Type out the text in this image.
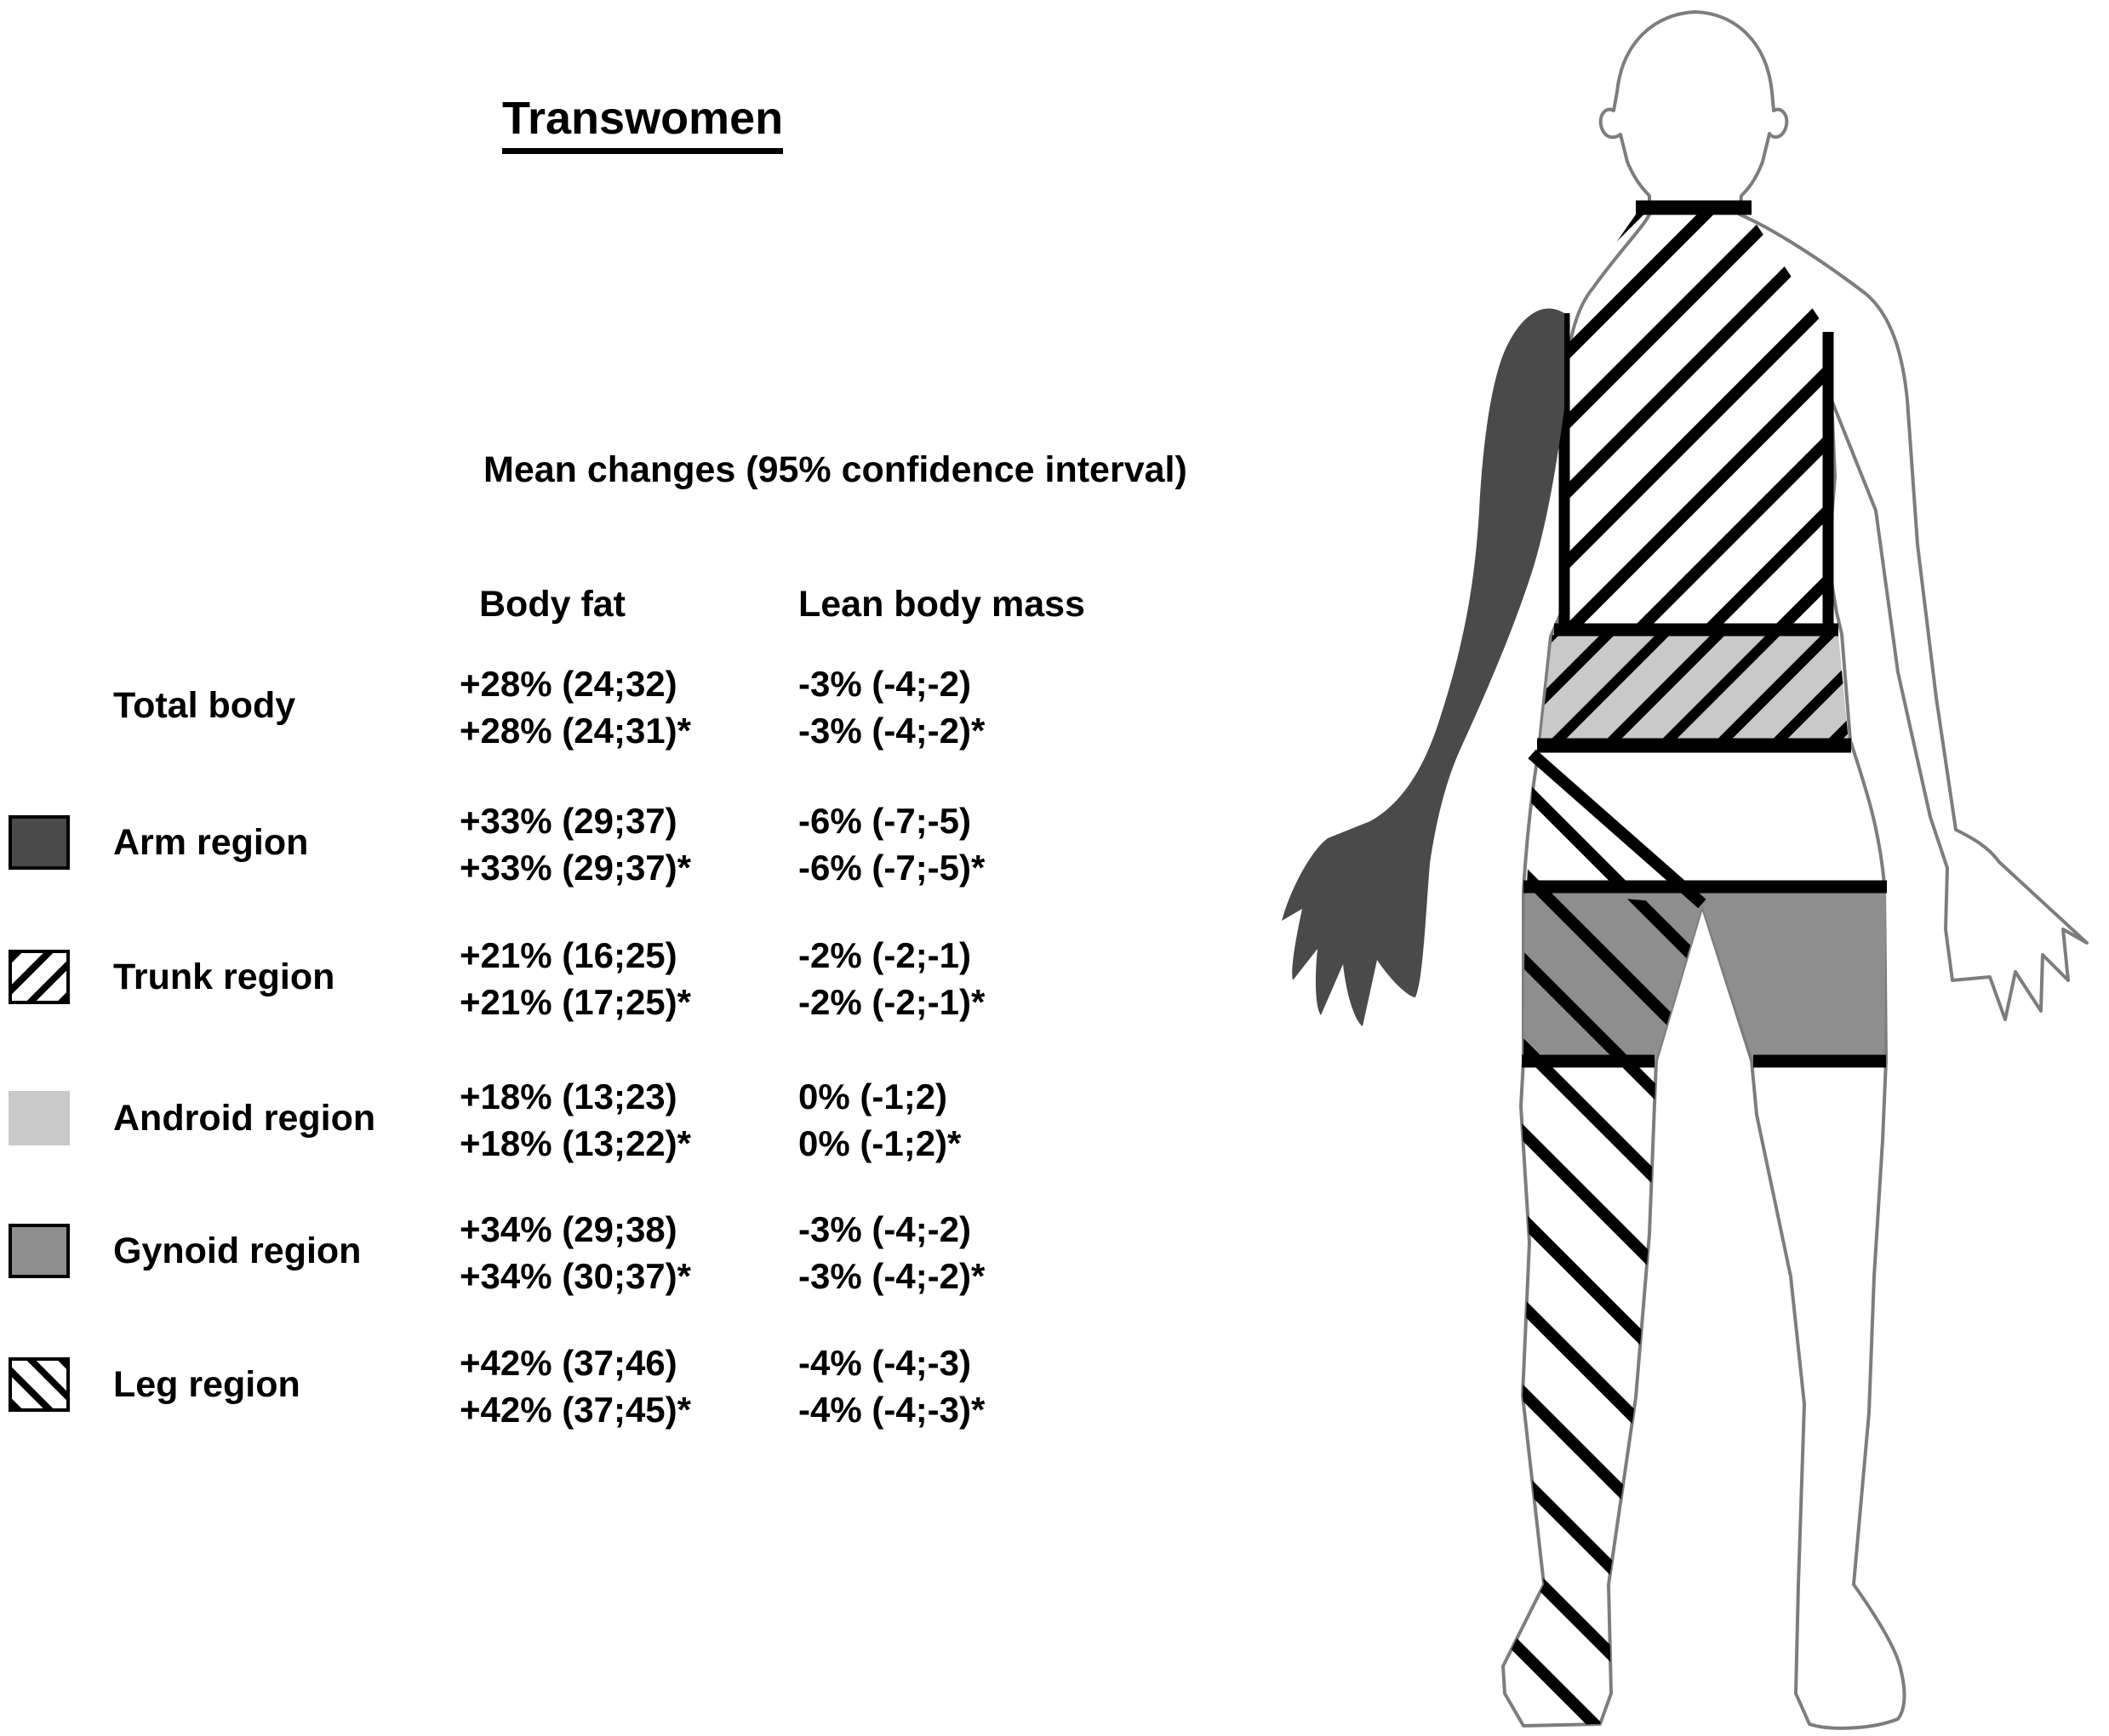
Transwomen
Mean changes (95% confidence interval)
Body fat	Lean body mass
Total body
+28% (24;32)
+28% (24;31)*
-3% (-4;-2)
-3% (-4;-2)*
Arm region
+33% (29;37)
+33% (29;37)*
-6% (-7;-5)
-6% (-7;-5)*
Trunk region
+21% (16;25)
+21% (17;25)*
-2% (-2;-1)
-2% (-2;-1)*
Android region
+18% (13;23)
+18% (13;22)*
0% (-1;2)
0% (-1;2)*
Gynoid region
+34% (29;38)
+34% (30;37)*
-3% (-4;-2)
-3% (-4;-2)*
Leg region
+42% (37;46)
+42% (37;45)*
-4% (-4;-3)
-4% (-4;-3)*
